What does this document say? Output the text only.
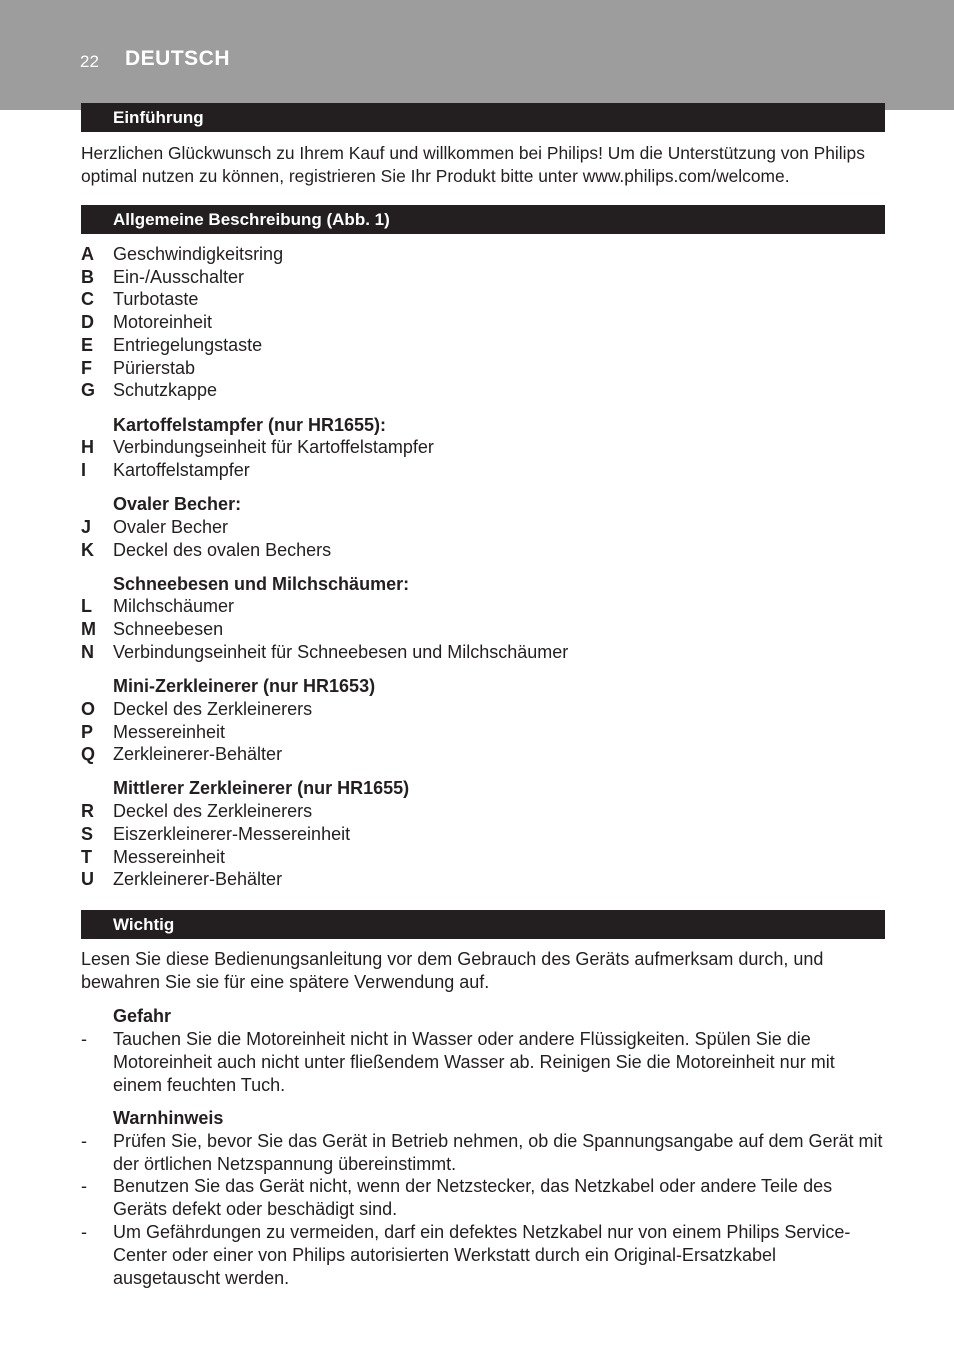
22 DEUTSCH
Einführung
Herzlichen Glückwunsch zu Ihrem Kauf und willkommen bei Philips! Um die Unterstützung von Philips optimal nutzen zu können, registrieren Sie Ihr Produkt bitte unter www.philips.com/welcome.
Allgemeine Beschreibung (Abb. 1)
A	Geschwindigkeitsring
B	Ein-/Ausschalter
C	Turbotaste
D	Motoreinheit
E	Entriegelungstaste
F	Pürierstab
G Schutzkappe
Kartoffelstampfer (nur HR1655):
H	Verbindungseinheit für Kartoffelstampfer
I	Kartoffelstampfer
Ovaler Becher:
J	Ovaler Becher
K	Deckel des ovalen Bechers
Schneebesen und Milchschäumer:
L	Milchschäumer
M Schneebesen
N	Verbindungseinheit für Schneebesen und Milchschäumer
Mini-Zerkleinerer (nur HR1653)
O Deckel des Zerkleinerers
P	Messereinheit
Q Zerkleinerer-Behälter
Mittlerer Zerkleinerer (nur HR1655)
R	Deckel des Zerkleinerers
S	Eiszerkleinerer-Messereinheit
T	Messereinheit
U	Zerkleinerer-Behälter
Wichtig
Lesen Sie diese Bedienungsanleitung vor dem Gebrauch des Geräts aufmerksam durch, und bewahren Sie sie für eine spätere Verwendung auf.
Gefahr
-	Tauchen Sie die Motoreinheit nicht in Wasser oder andere Flüssigkeiten. Spülen Sie die Motoreinheit auch nicht unter fließendem Wasser ab. Reinigen Sie die Motoreinheit nur mit einem feuchten Tuch.
Warnhinweis
-	Prüfen Sie, bevor Sie das Gerät in Betrieb nehmen, ob die Spannungsangabe auf dem Gerät mit der örtlichen Netzspannung übereinstimmt.
-	Benutzen Sie das Gerät nicht, wenn der Netzstecker, das Netzkabel oder andere Teile des Geräts defekt oder beschädigt sind.
-	Um Gefährdungen zu vermeiden, darf ein defektes Netzkabel nur von einem Philips Service-Center oder einer von Philips autorisierten Werkstatt durch ein Original-Ersatzkabel ausgetauscht werden.
